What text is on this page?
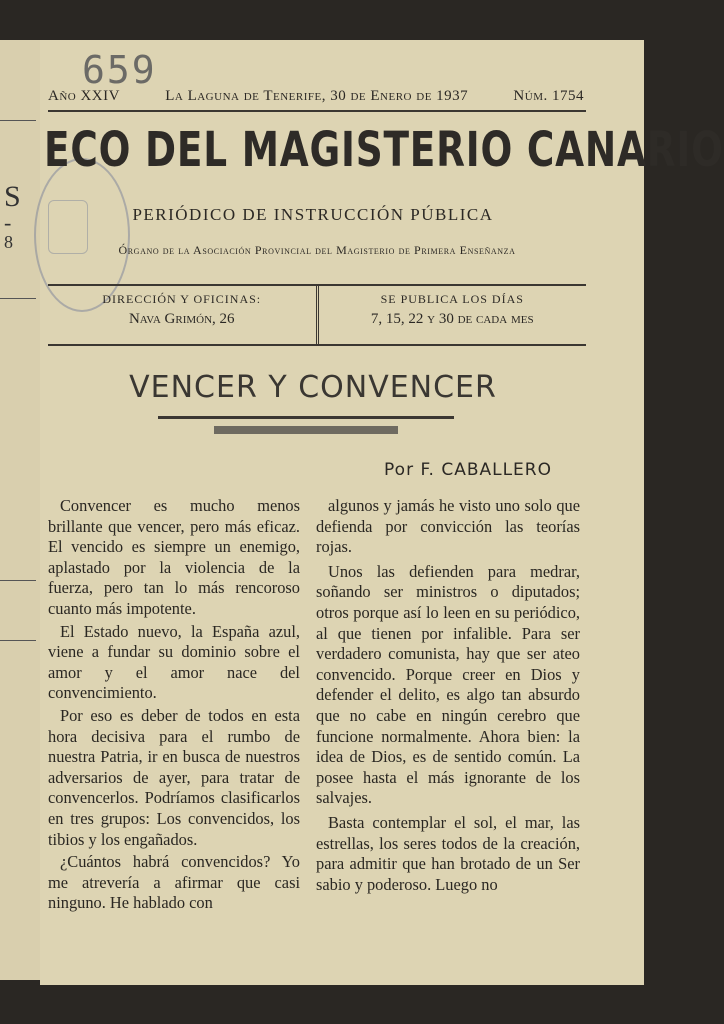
S
-
8
659
Año XXIV	La Laguna de Tenerife, 30 de Enero de 1937	Núm. 1754
ECO DEL MAGISTERIO CANARIO
PERIÓDICO DE INSTRUCCIÓN PÚBLICA
Órgano de la Asociación Provincial del Magisterio de Primera Enseñanza
DIRECCIÓN Y OFICINAS:
Nava Grimón, 26
SE PUBLICA LOS DÍAS
7, 15, 22 y 30 de cada mes
VENCER Y CONVENCER
Por F. CABALLERO

Convencer es mucho menos brillante que vencer, pero más eficaz. El vencido es siempre un enemigo, aplastado por la violencia de la fuerza, pero tan lo más rencoroso cuanto más impotente.

El Estado nuevo, la España azul, viene a fundar su dominio sobre el amor y el amor nace del convencimiento.

Por eso es deber de todos en esta hora decisiva para el rumbo de nuestra Patria, ir en busca de nuestros adversarios de ayer, para tratar de convencerlos. Podríamos clasificarlos en tres grupos: Los convencidos, los tibios y los engañados.

¿Cuántos habrá convencidos? Yo me atrevería a afirmar que casi ninguno. He hablado con

algunos y jamás he visto uno solo que defienda por convicción las teorías rojas.

Unos las defienden para medrar, soñando ser ministros o diputados; otros porque así lo leen en su periódico, al que tienen por infalible. Para ser verdadero comunista, hay que ser ateo convencido. Porque creer en Dios y defender el delito, es algo tan absurdo que no cabe en ningún cerebro que funcione normalmente. Ahora bien: la idea de Dios, es de sentido común. La posee hasta el más ignorante de los salvajes.

Basta contemplar el sol, el mar, las estrellas, los seres todos de la creación, para admitir que han brotado de un Ser sabio y poderoso. Luego no
